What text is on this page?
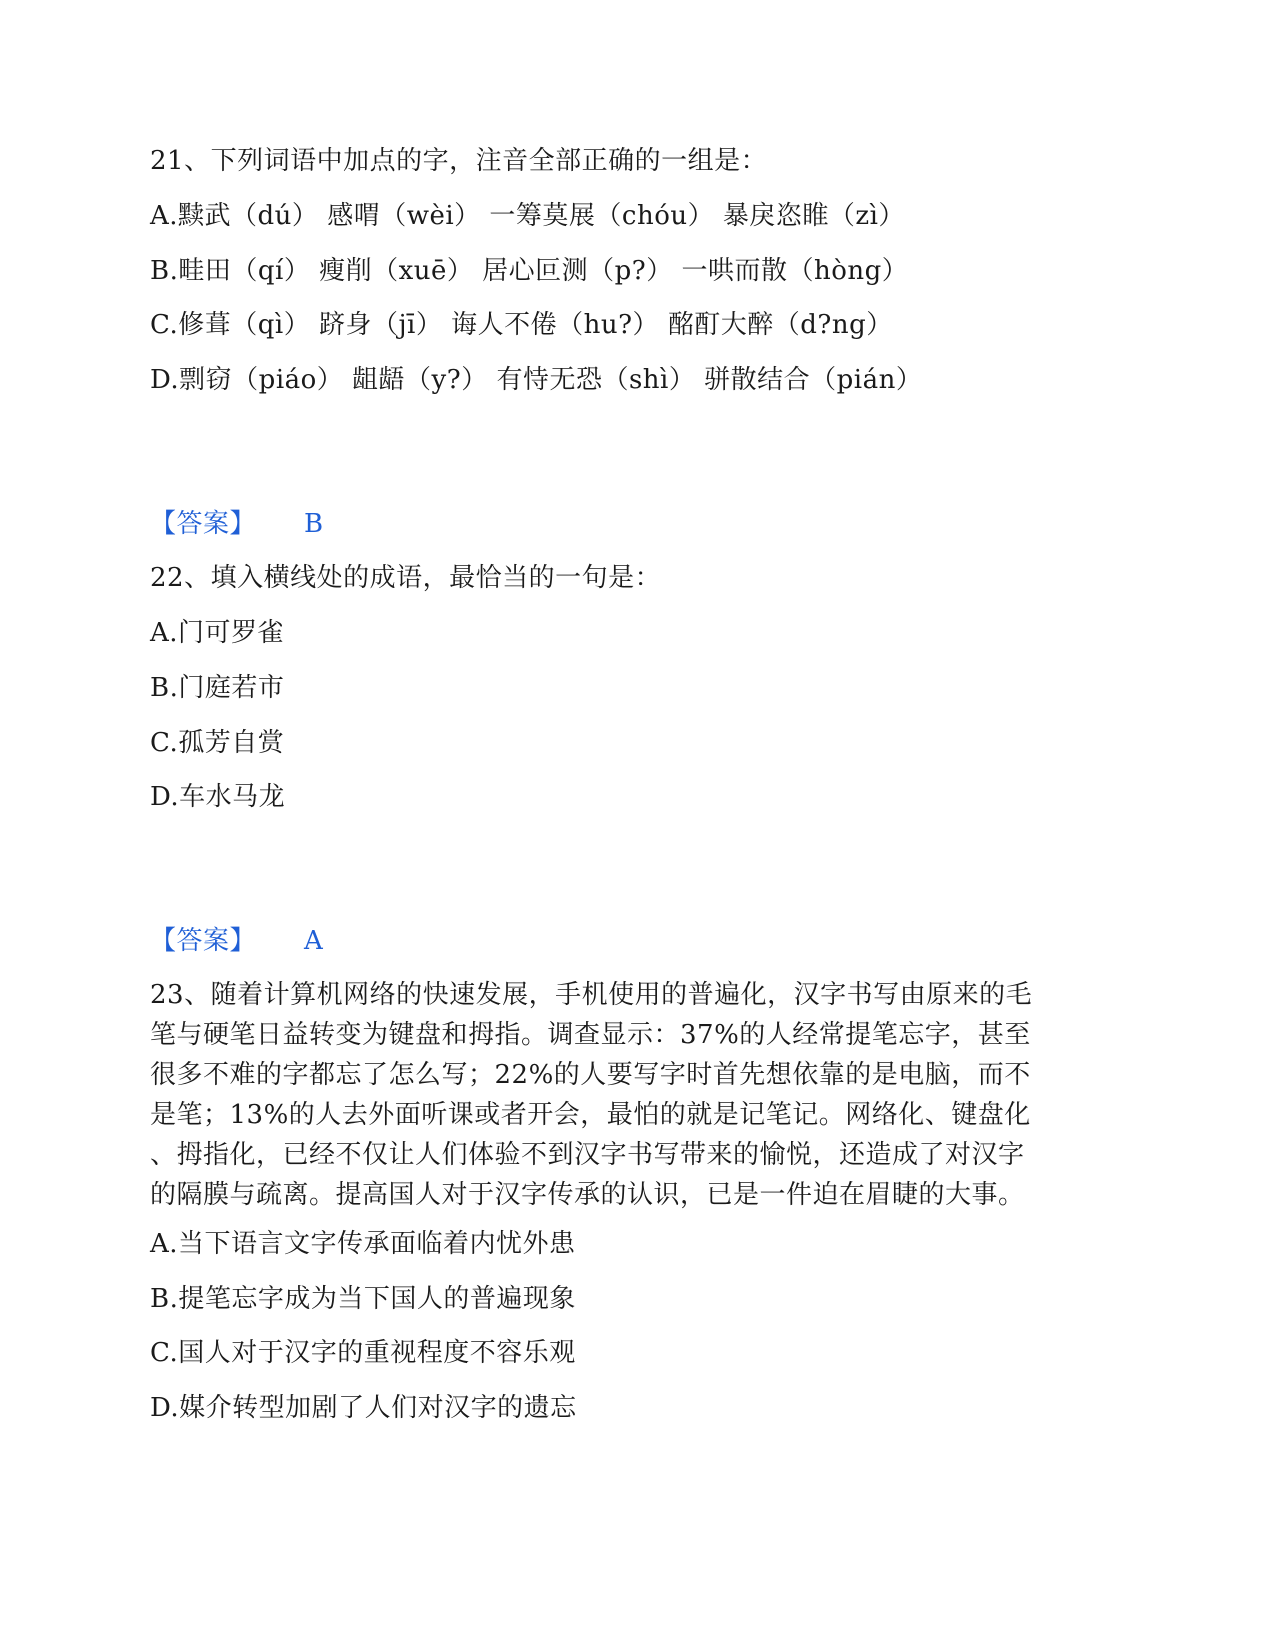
21、下列词语中加点的字，注音全部正确的一组是：
A.黩武（dú） 感喟（wèi） 一筹莫展（chóu） 暴戾恣睢（zì）
B.畦田（qí） 瘦削（xuē） 居心叵测（p?） 一哄而散（hòng）
C.修葺（qì） 跻身（jī） 诲人不倦（hu?） 酩酊大醉（d?ng）
D.剽窃（piáo） 龃龉（y?） 有恃无恐（shì） 骈散结合（pián）
【答案】 B
22、填入横线处的成语，最恰当的一句是：
A.门可罗雀
B.门庭若市
C.孤芳自赏
D.车水马龙
【答案】 A
23、随着计算机网络的快速发展，手机使用的普遍化，汉字书写由原来的毛
笔与硬笔日益转变为键盘和拇指。调查显示：37%的人经常提笔忘字，甚至
很多不难的字都忘了怎么写；22%的人要写字时首先想依靠的是电脑，而不
是笔；13%的人去外面听课或者开会，最怕的就是记笔记。网络化、键盘化
、拇指化，已经不仅让人们体验不到汉字书写带来的愉悦，还造成了对汉字
的隔膜与疏离。提高国人对于汉字传承的认识，已是一件迫在眉睫的大事。
A.当下语言文字传承面临着内忧外患
B.提笔忘字成为当下国人的普遍现象
C.国人对于汉字的重视程度不容乐观
D.媒介转型加剧了人们对汉字的遗忘
